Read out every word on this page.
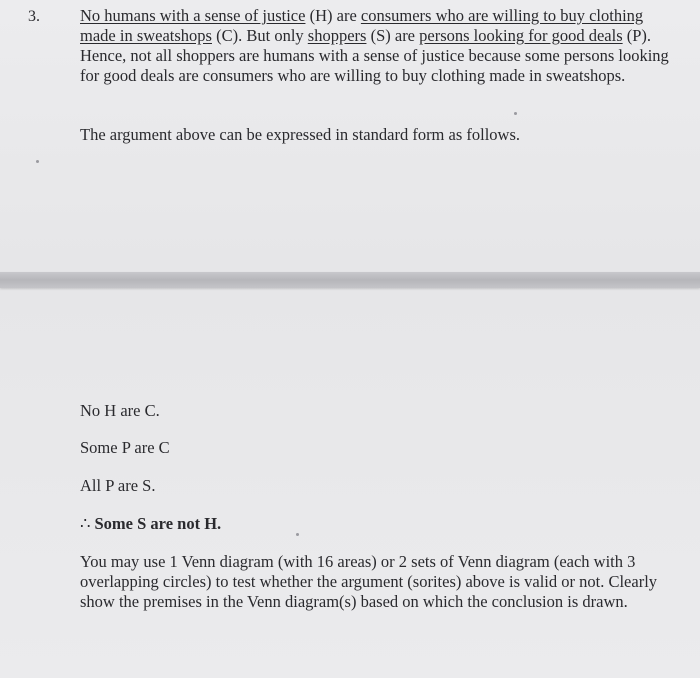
3. No humans with a sense of justice (H) are consumers who are willing to buy clothing made in sweatshops (C). But only shoppers (S) are persons looking for good deals (P). Hence, not all shoppers are humans with a sense of justice because some persons looking for good deals are consumers who are willing to buy clothing made in sweatshops.

The argument above can be expressed in standard form as follows.

No H are C.

Some P are C

All P are S.

∴ Some S are not H.

You may use 1 Venn diagram (with 16 areas) or 2 sets of Venn diagram (each with 3 overlapping circles) to test whether the argument (sorites) above is valid or not. Clearly show the premises in the Venn diagram(s) based on which the conclusion is drawn.
